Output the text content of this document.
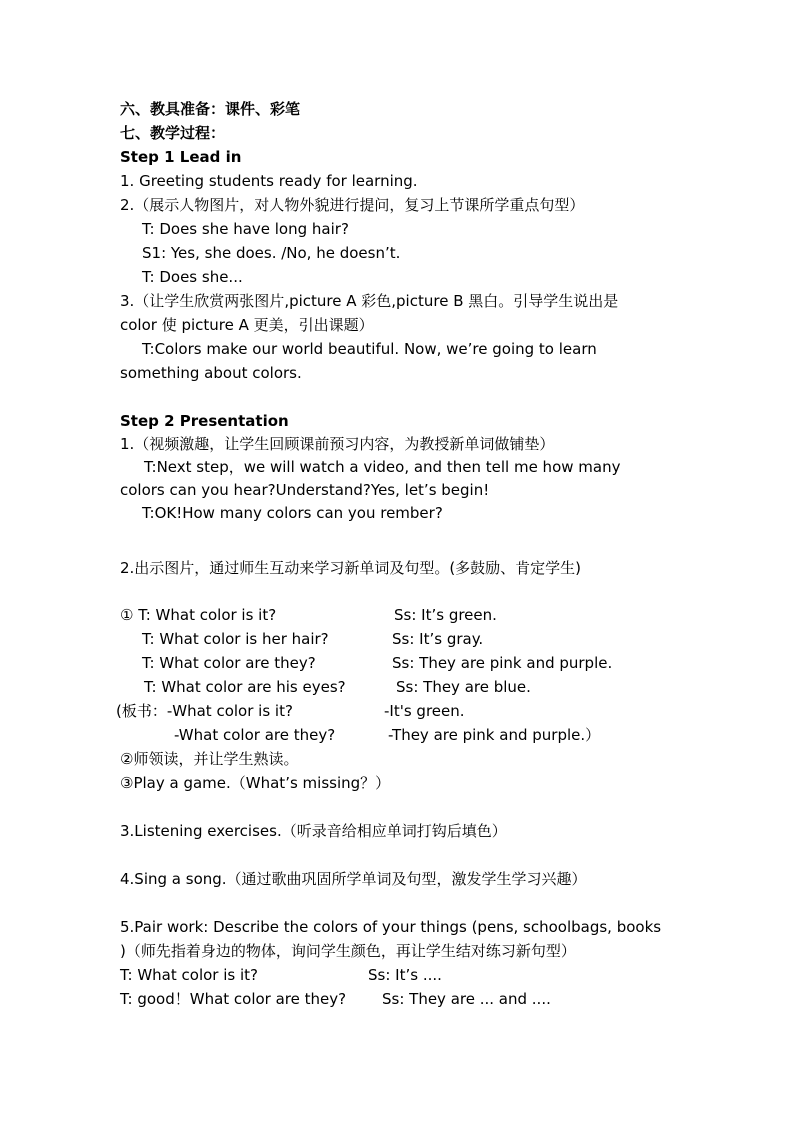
六、教具准备：课件、彩笔
七、教学过程：
Step 1 Lead in
1. Greeting students ready for learning.
2.（展示人物图片，对人物外貌进行提问，复习上节课所学重点句型）
T: Does she have long hair?
S1: Yes, she does. /No, he doesn’t.
T: Does she...
3.（让学生欣赏两张图片,picture A 彩色,picture B 黑白。引导学生说出是
color 使 picture A 更美，引出课题）
T:Colors make our world beautiful. Now, we’re going to learn
something about colors.
Step 2 Presentation
1.（视频激趣，让学生回顾课前预习内容，为教授新单词做铺垫）
T:Next step，we will watch a video, and then tell me how many
colors can you hear?Understand?Yes, let’s begin!
T:OK!How many colors can you rember?
2.出示图片，通过师生互动来学习新单词及句型。(多鼓励、肯定学生)
① T: What color is it?	Ss: It’s green.
T: What color is her hair?	Ss: It’s gray.
T: What color are they?	Ss: They are pink and purple.
T: What color are his eyes?	Ss: They are blue.
(板书：-What color is it?	-It's green.
-What color are they?	-They are pink and purple.）
②师领读，并让学生熟读。
③Play a game.（What’s missing？）
3.Listening exercises.（听录音给相应单词打钩后填色）
4.Sing a song.（通过歌曲巩固所学单词及句型，激发学生学习兴趣）
5.Pair work: Describe the colors of your things (pens, schoolbags, books
)（师先指着身边的物体，询问学生颜色，再让学生结对练习新句型）
T: What color is it?	Ss: It’s ....
T: good！What color are they? Ss: They are ... and ....
